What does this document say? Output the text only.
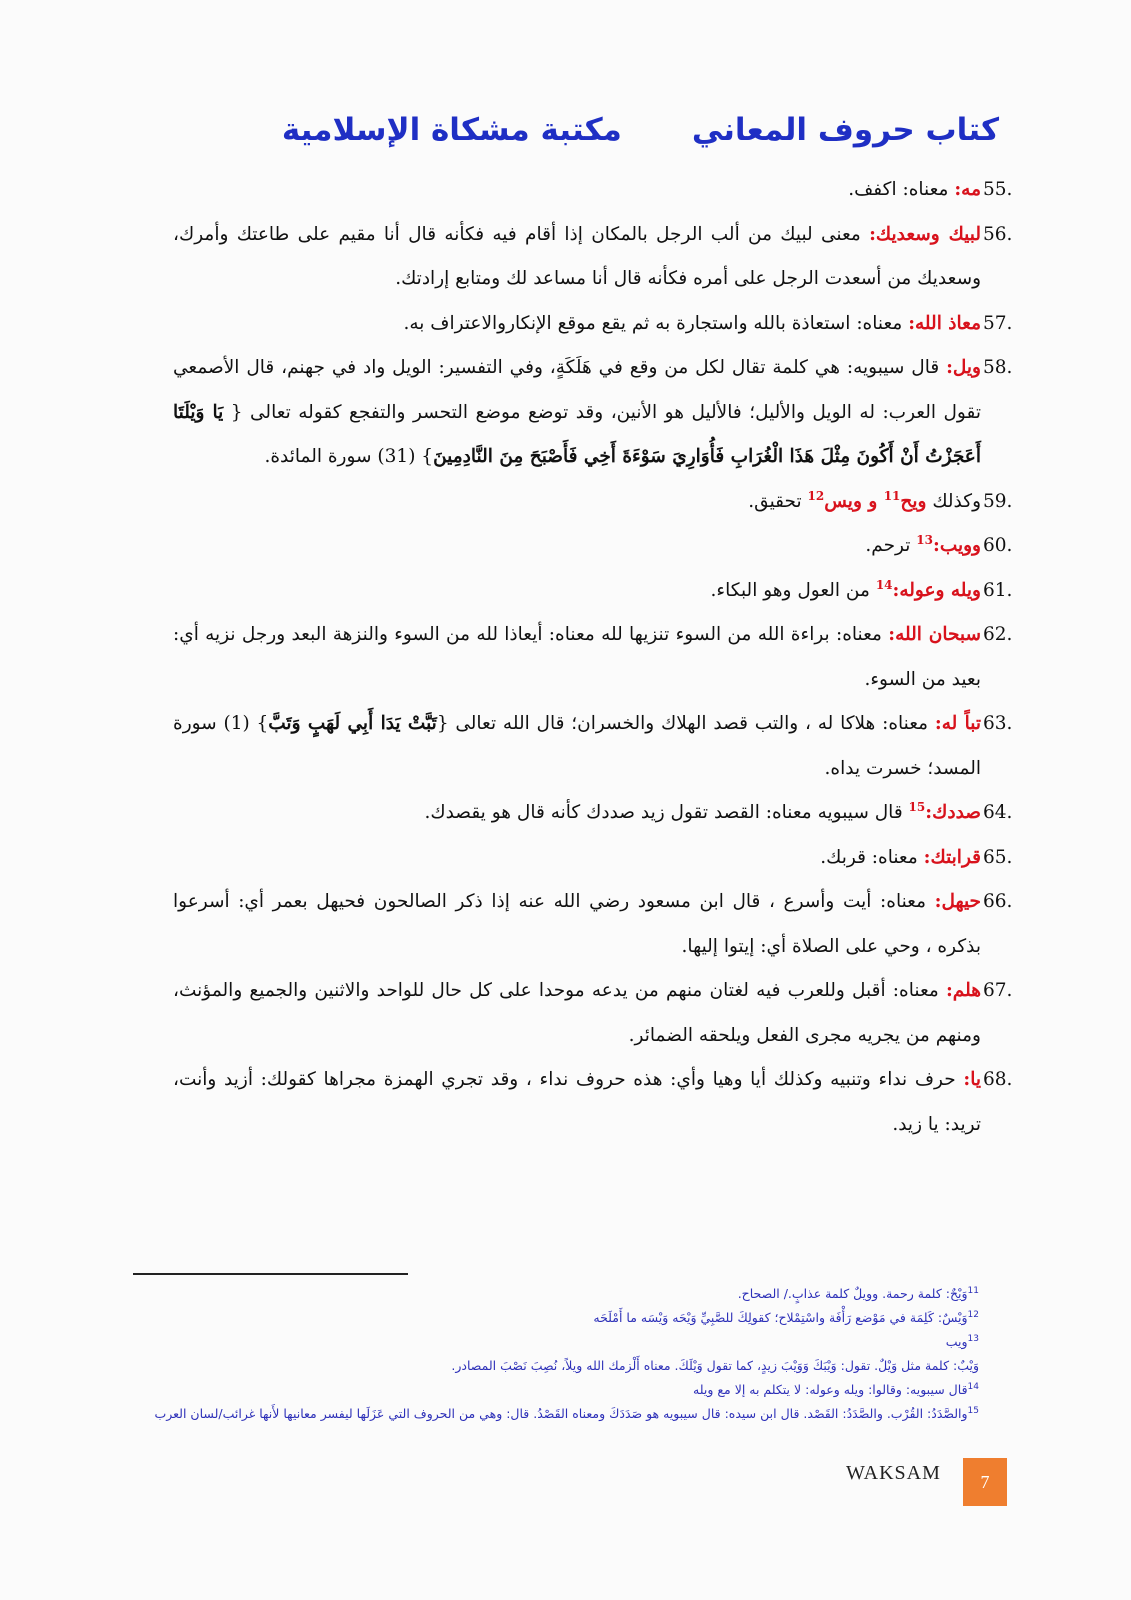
كتاب حروف المعانيمكتبة مشكاة الإسلامية
55.
مه: معناه: اكفف.
56.
لبيك وسعديك: معنى لبيك من ألب الرجل بالمكان إذا أقام فيه فكأنه قال أنا مقيم على طاعتك وأمرك، وسعديك من أسعدت الرجل على أمره فكأنه قال أنا مساعد لك ومتابع إرادتك.
57.
معاذ الله: معناه: استعاذة بالله واستجارة به ثم يقع موقع الإنكاروالاعتراف به.
58.
ويل: قال سيبويه: هي كلمة تقال لكل من وقع في هَلَكَةٍ، وفي التفسير: الويل واد في جهنم، قال الأصمعي تقول العرب: له الويل والأليل؛ فالأليل هو الأنين، وقد توضع موضع التحسر والتفجع كقوله تعالى { يَا وَيْلَتَا أَعَجَزْتُ أَنْ أَكُونَ مِثْلَ هَذَا الْغُرَابِ فَأُوَارِيَ سَوْءَةَ أَخِي فَأَصْبَحَ مِنَ النَّادِمِينَ} (31) سورة المائدة.
59.
وكذلك ويح$^{11}$ و ويس$^{12}$ تحقيق.
60.
وويب:$^{13}$ ترحم.
61.
ويله وعوله:$^{14}$ من العول وهو البكاء.
62.
سبحان الله: معناه: براءة الله من السوء تنزيها لله معناه: أيعاذا لله من السوء والنزهة البعد ورجل نزيه أي: بعيد من السوء.
63.
تباً له: معناه: هلاكا له ، والتب قصد الهلاك والخسران؛ قال الله تعالى {تَبَّتْ يَدَا أَبِي لَهَبٍ وَتَبَّ} (1) سورة المسد؛ خسرت يداه.
64.
صددك:$^{15}$ قال سيبويه معناه: القصد تقول زيد صددك كأنه قال هو يقصدك.
65.
قرابتك: معناه: قربك.
66.
حيهل: معناه: أيت وأسرع ، قال ابن مسعود رضي الله عنه إذا ذكر الصالحون فحيهل بعمر أي: أسرعوا بذكره ، وحي على الصلاة أي: إيتوا إليها.
67.
هلم: معناه: أقبل وللعرب فيه لغتان منهم من يدعه موحدا على كل حال للواحد والاثنين والجميع والمؤنث، ومنهم من يجريه مجرى الفعل ويلحقه الضمائر.
68.
يا: حرف نداء وتنبيه وكذلك أيا وهيا وأي: هذه حروف نداء ، وقد تجري الهمزة مجراها كقولك: أزيد وأنت، تريد: يا زيد.
$^{11}$وَيْحٌ: كلمة رحمة. وويلٌ كلمة عذابٍ./ الصحاح.
$^{12}$وَيْسٌ: كَلِمَة في مَوْضع رَأْفَة واسْتِمْلاح؛ كقولِكَ للصَّبِيِّ وَيْحَه وَيْسَه ما أَمْلَحَه
$^{13}$ويب
وَيْبٌ: كلمة مثل وَيْلٌ. تقول: وَيْبَكَ وَوَيْبَ زيدٍ، كما تقول وَيْلَكَ. معناه أَلْزمك الله ويلاً، نُصِبَ نَصْبَ المصادر.
$^{14}$قال سيبويه: وقالوا: ويله وعوله: لا يتكلم به إلا مع ويله
$^{15}$والصَّدَدُ: القُرْب. والصَّدَدُ: القَصْد. قال ابن سيده: قال سيبويه هو صَدَدَكَ ومعناه القَصْدُ. قال: وهي من الحروف التي عَزَلَها ليفسر معانيها لأَنها غرائب/لسان العرب
WAKSAM	7
